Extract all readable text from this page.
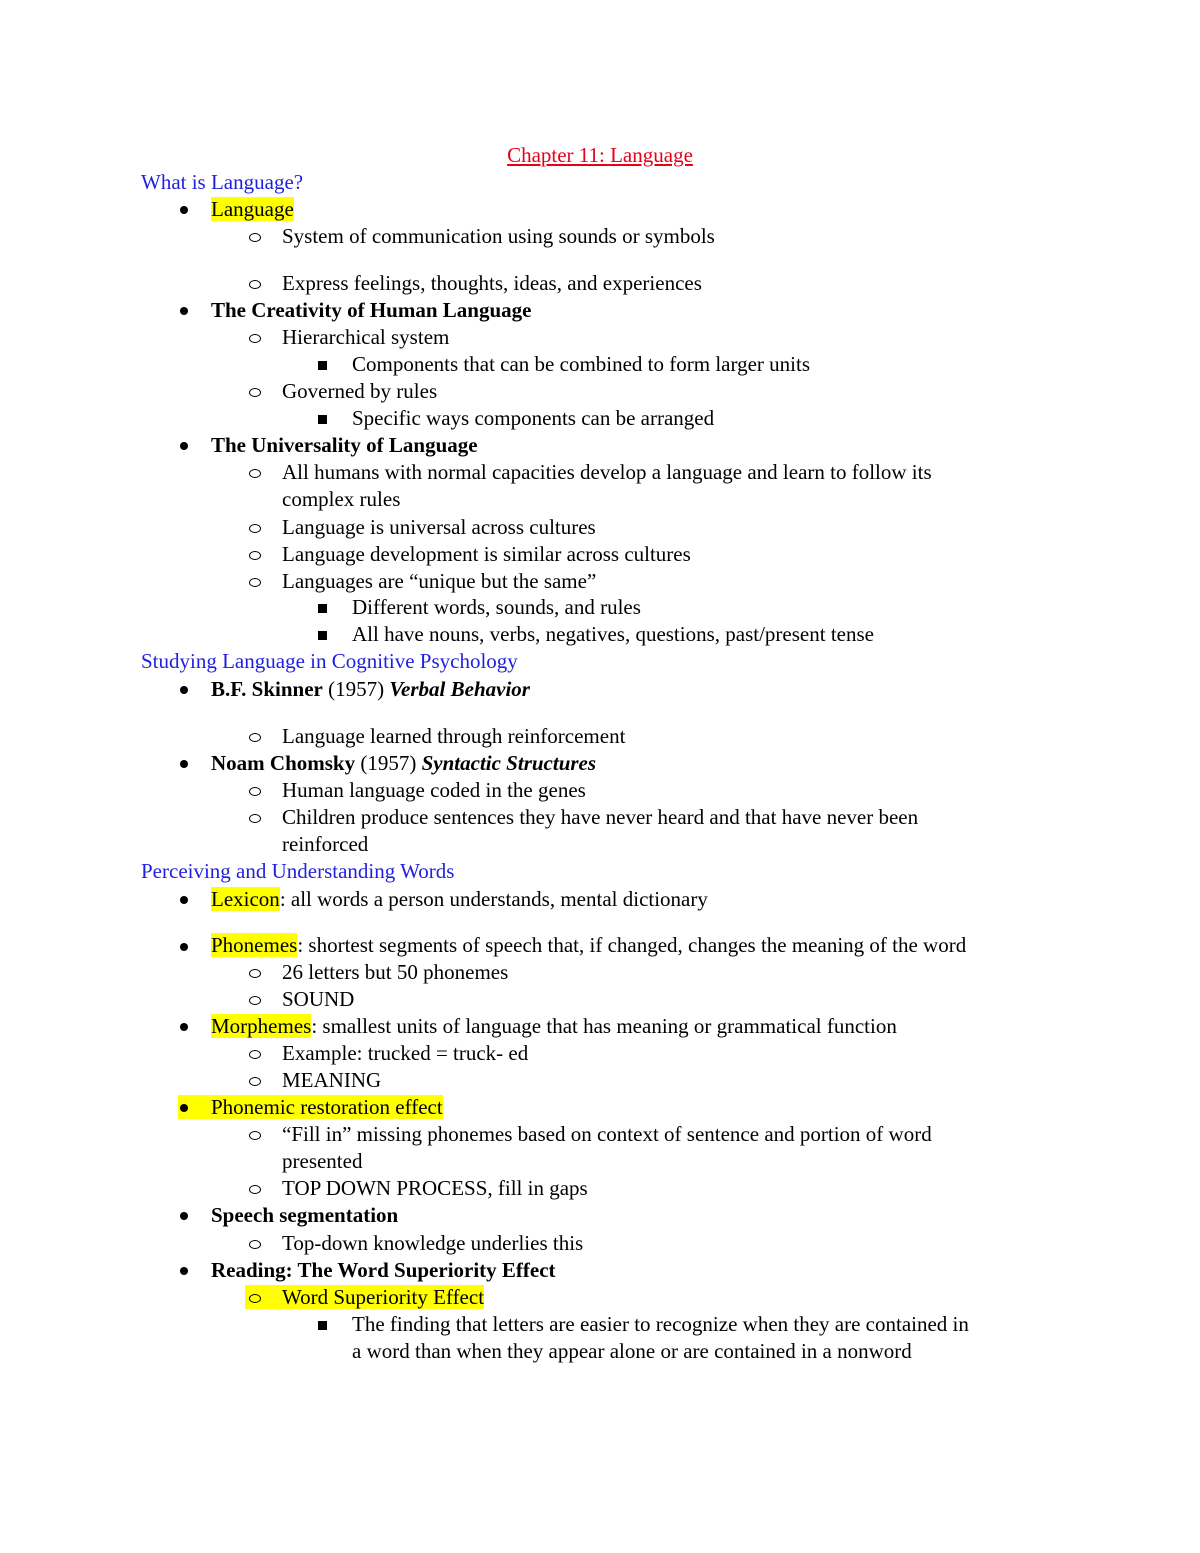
Chapter 11: Language
What is Language?
Language
System of communication using sounds or symbols
Express feelings, thoughts, ideas, and experiences
The Creativity of Human Language
Hierarchical system
Components that can be combined to form larger units
Governed by rules
Specific ways components can be arranged
The Universality of Language
All humans with normal capacities develop a language and learn to follow its
complex rules
Language is universal across cultures
Language development is similar across cultures
Languages are “unique but the same”
Different words, sounds, and rules
All have nouns, verbs, negatives, questions, past/present tense
Studying Language in Cognitive Psychology
B.F. Skinner (1957) Verbal Behavior
Language learned through reinforcement
Noam Chomsky (1957) Syntactic Structures
Human language coded in the genes
Children produce sentences they have never heard and that have never been
reinforced
Perceiving and Understanding Words
Lexicon: all words a person understands, mental dictionary
Phonemes: shortest segments of speech that, if changed, changes the meaning of the word
26 letters but 50 phonemes
SOUND
Morphemes: smallest units of language that has meaning or grammatical function
Example: trucked = truck- ed
MEANING
Phonemic restoration effect
“Fill in” missing phonemes based on context of sentence and portion of word
presented
TOP DOWN PROCESS, fill in gaps
Speech segmentation
Top-down knowledge underlies this
Reading: The Word Superiority Effect
Word Superiority Effect
The finding that letters are easier to recognize when they are contained in
a word than when they appear alone or are contained in a nonword
